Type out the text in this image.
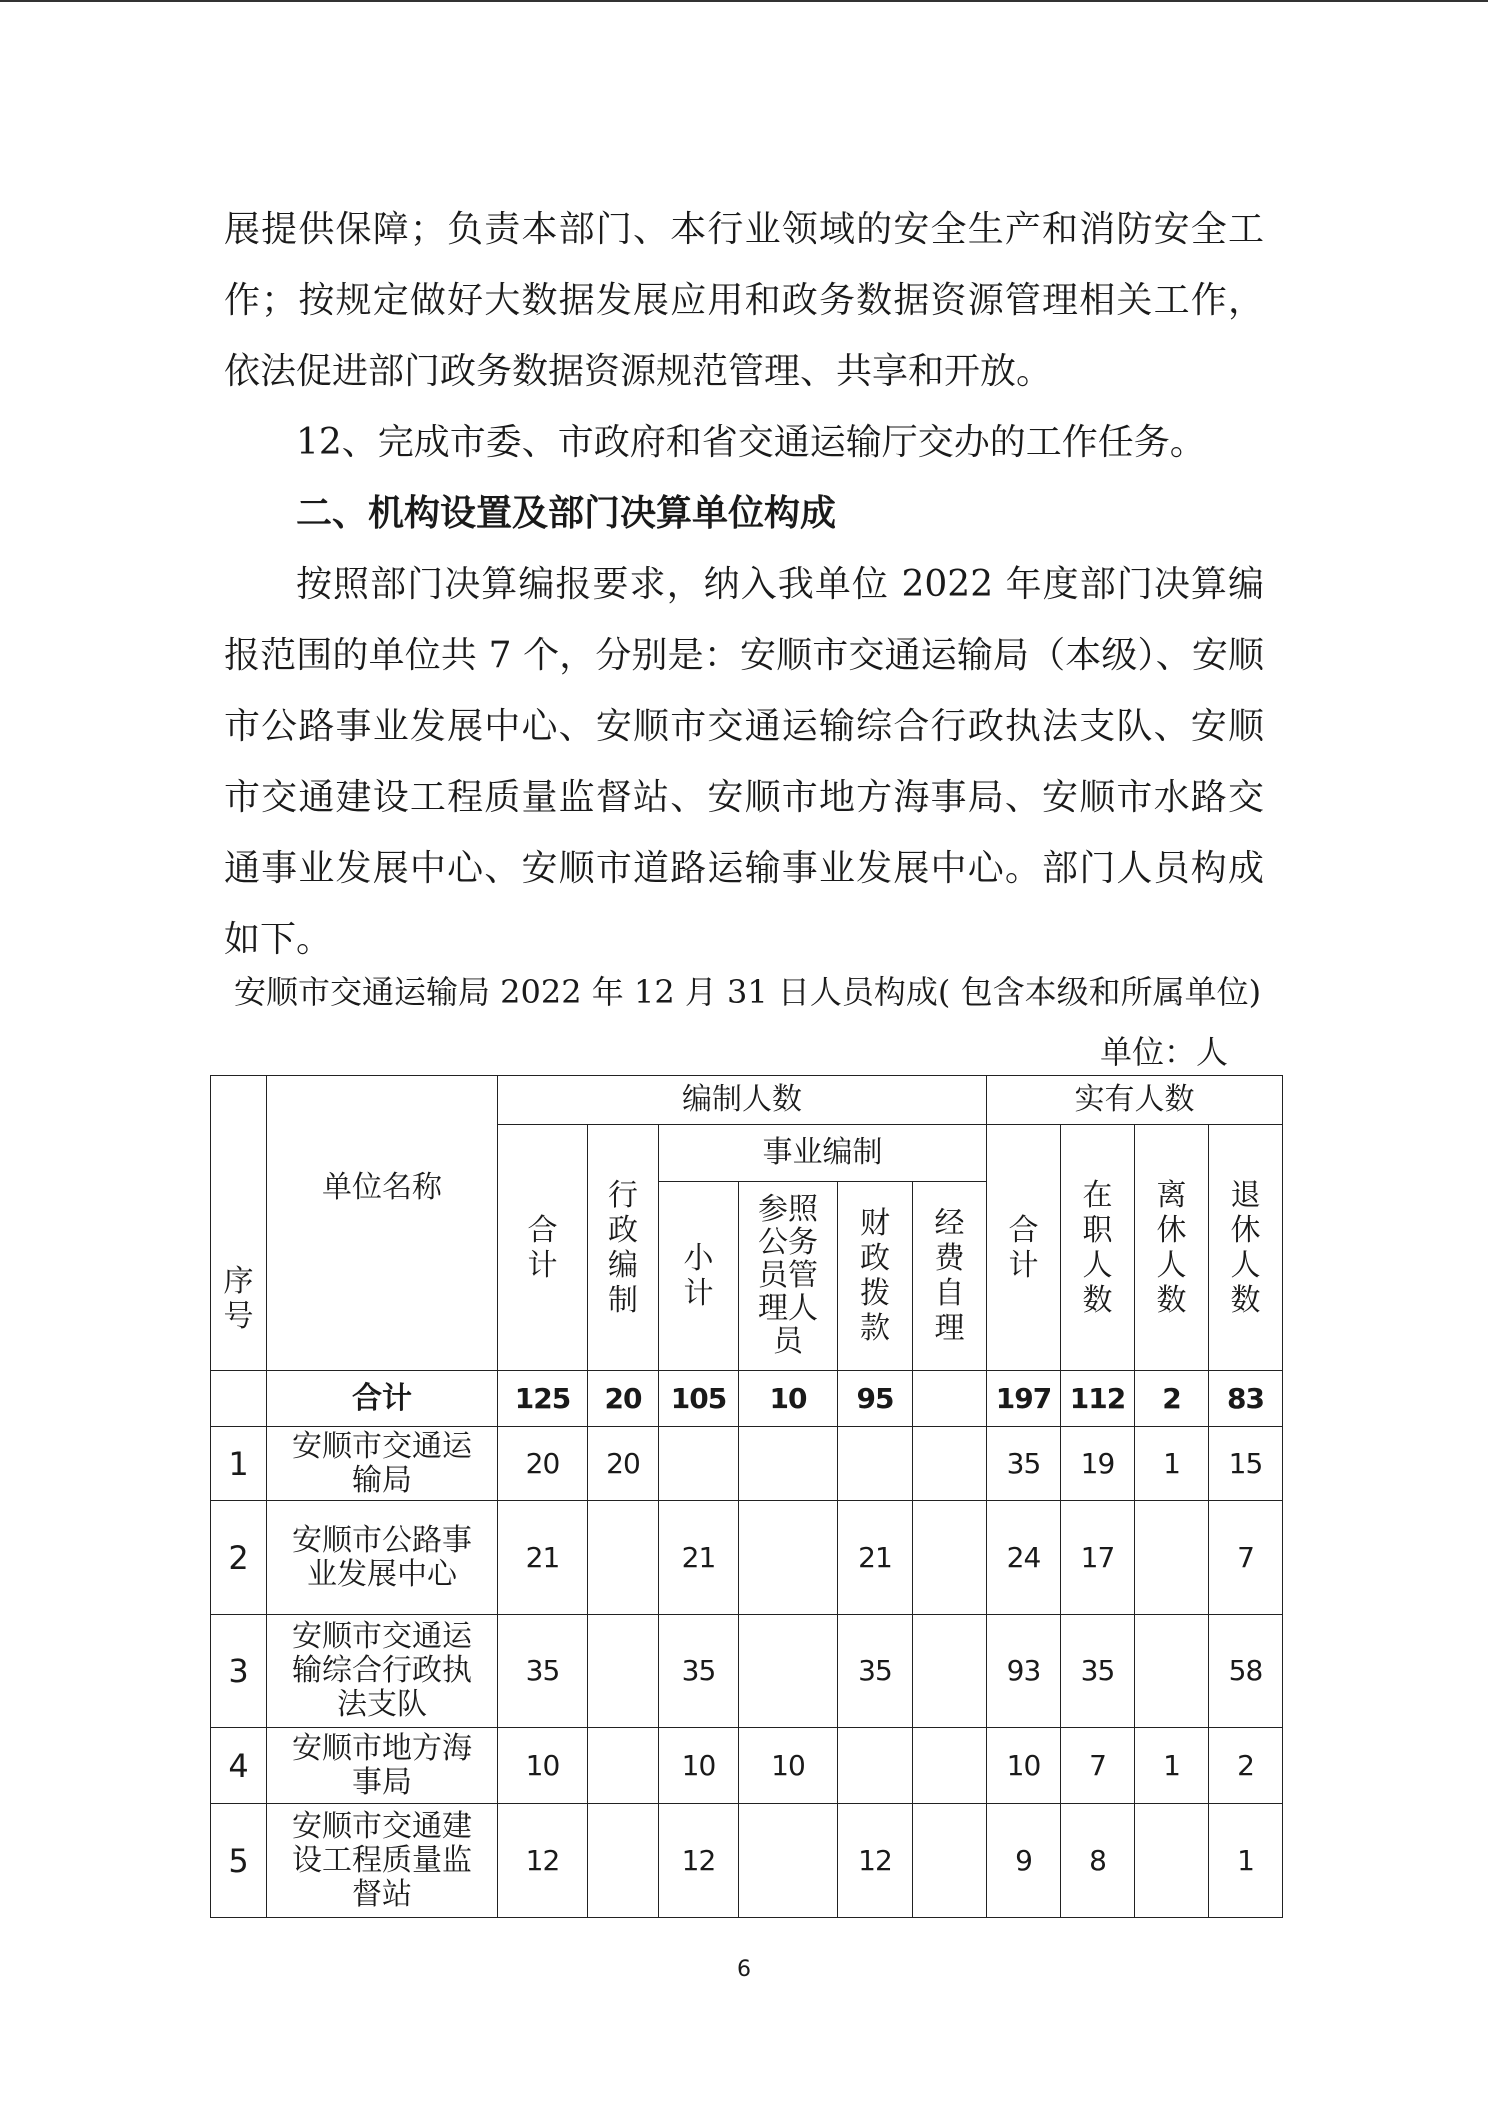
展提供保障；负责本部门、本行业领域的安全生产和消防安全工作；按规定做好大数据发展应用和政务数据资源管理相关工作，依法促进部门政务数据资源规范管理、共享和开放。

12、完成市委、市政府和省交通运输厅交办的工作任务。

二、机构设置及部门决算单位构成

按照部门决算编报要求，纳入我单位 2022 年度部门决算编报范围的单位共 7 个，分别是：安顺市交通运输局（本级）、安顺市公路事业发展中心、安顺市交通运输综合行政执法支队、安顺市交通建设工程质量监督站、安顺市地方海事局、安顺市水路交通事业发展中心、安顺市道路运输事业发展中心。部门人员构成如下。

安顺市交通运输局 2022 年 12 月 31 日人员构成( 包含本级和所属单位)
单位：人
序号	单位名称	编制人数						实有人数			
		合计	行政编制	事业编制				合计	在职人数	离休人数	退休人数
				小计	参照公务员管理人员	财政拨款	经费自理				
	合计	125	20	105	10	95		197	112	2	83
1	安顺市交通运输局	20	20					35	19	1	15
2	安顺市公路事业发展中心	21		21		21		24	17		7
3	安顺市交通运输综合行政执法支队	35		35		35		93	35		58
4	安顺市地方海事局	10		10	10			10	7	1	2
5	安顺市交通建设工程质量监督站	12		12		12		9	8		1
6
